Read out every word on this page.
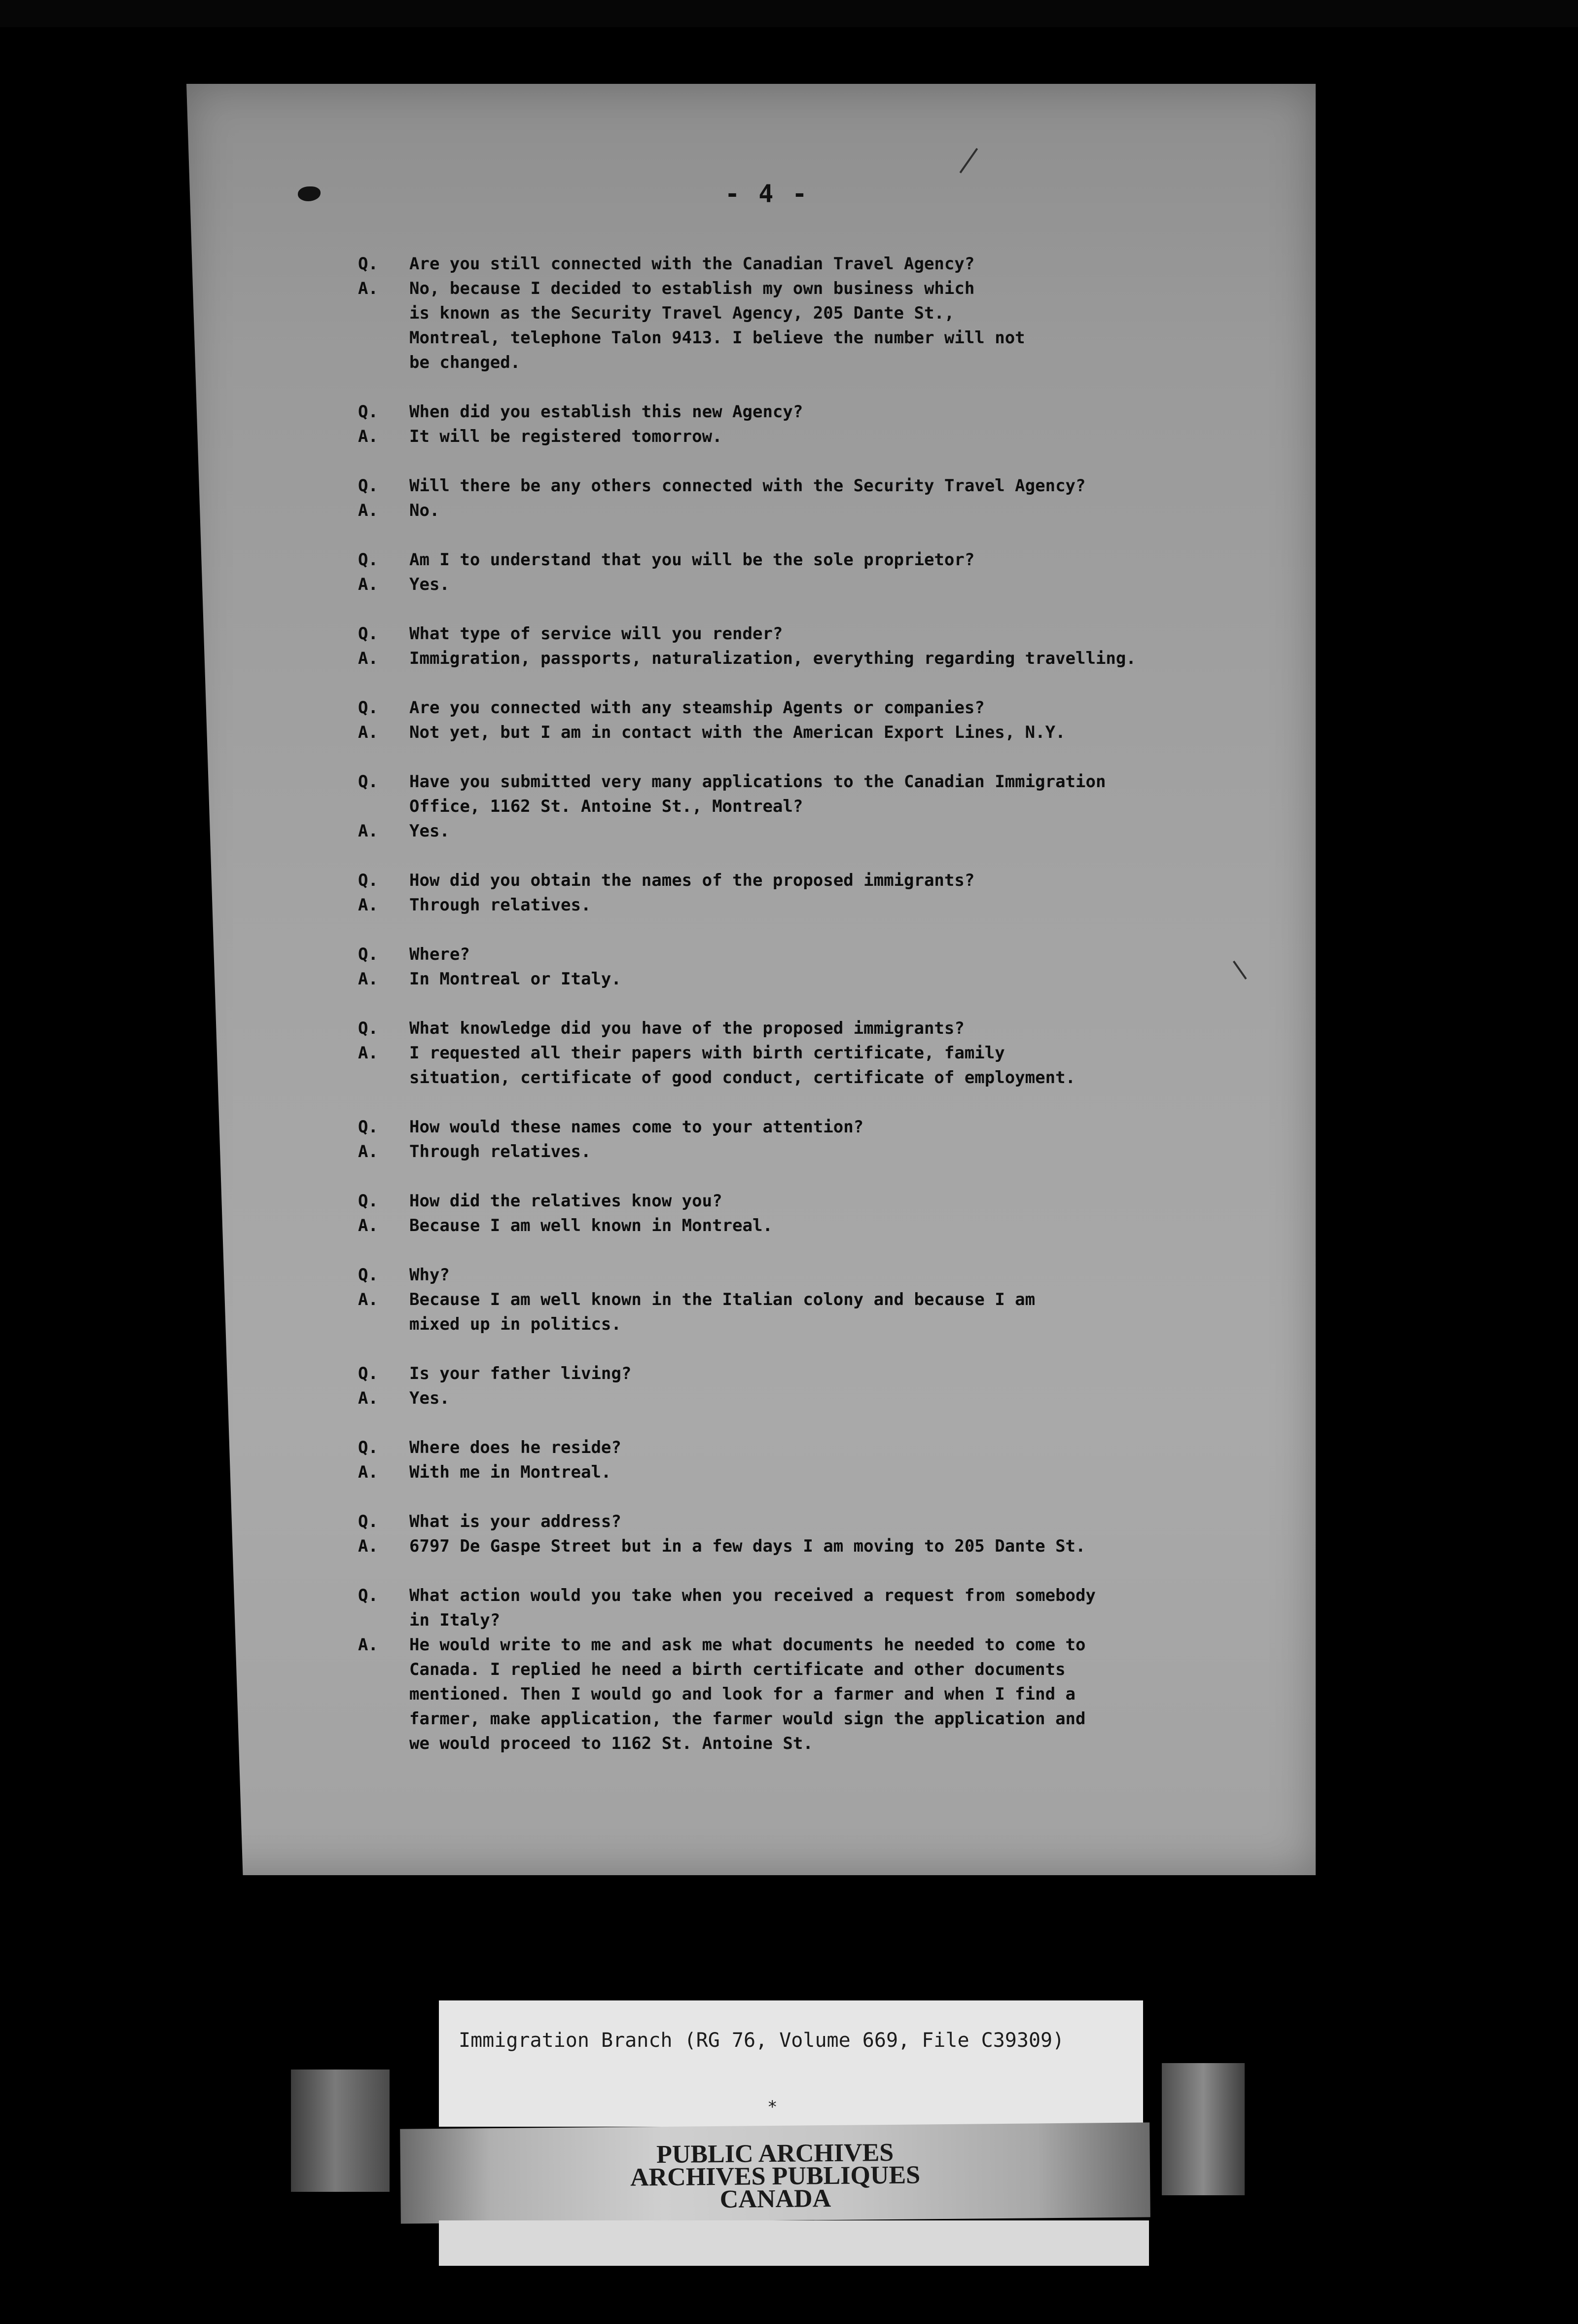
- 4 -
Q.	Are you still connected with the Canadian Travel Agency?
A.	No, because I decided to establish my own business which
is known as the Security Travel Agency, 205 Dante St.,
Montreal, telephone Talon 9413. I believe the number will not
be changed.
Q.	When did you establish this new Agency?
A.	It will be registered tomorrow.
Q.	Will there be any others connected with the Security Travel Agency?
A.	No.
Q.	Am I to understand that you will be the sole proprietor?
A.	Yes.
Q.	What type of service will you render?
A.	Immigration, passports, naturalization, everything regarding travelling.
Q.	Are you connected with any steamship Agents or companies?
A.	Not yet, but I am in contact with the American Export Lines, N.Y.
Q.	Have you submitted very many applications to the Canadian Immigration
Office, 1162 St. Antoine St., Montreal?
A.	Yes.
Q.	How did you obtain the names of the proposed immigrants?
A.	Through relatives.
Q.	Where?
A.	In Montreal or Italy.
Q.	What knowledge did you have of the proposed immigrants?
A.	I requested all their papers with birth certificate, family
situation, certificate of good conduct, certificate of employment.
Q.	How would these names come to your attention?
A.	Through relatives.
Q.	How did the relatives know you?
A.	Because I am well known in Montreal.
Q.	Why?
A.	Because I am well known in the Italian colony and because I am
mixed up in politics.
Q.	Is your father living?
A.	Yes.
Q.	Where does he reside?
A.	With me in Montreal.
Q.	What is your address?
A.	6797 De Gaspe Street but in a few days I am moving to 205 Dante St.
Q.	What action would you take when you received a request from somebody
in Italy?
A.	He would write to me and ask me what documents he needed to come to
Canada. I replied he need a birth certificate and other documents
mentioned. Then I would go and look for a farmer and when I find a
farmer, make application, the farmer would sign the application and
we would proceed to 1162 St. Antoine St.
Immigration Branch (RG 76, Volume 669, File C39309)
*
PUBLIC ARCHIVES
ARCHIVES PUBLIQUES
CANADA
